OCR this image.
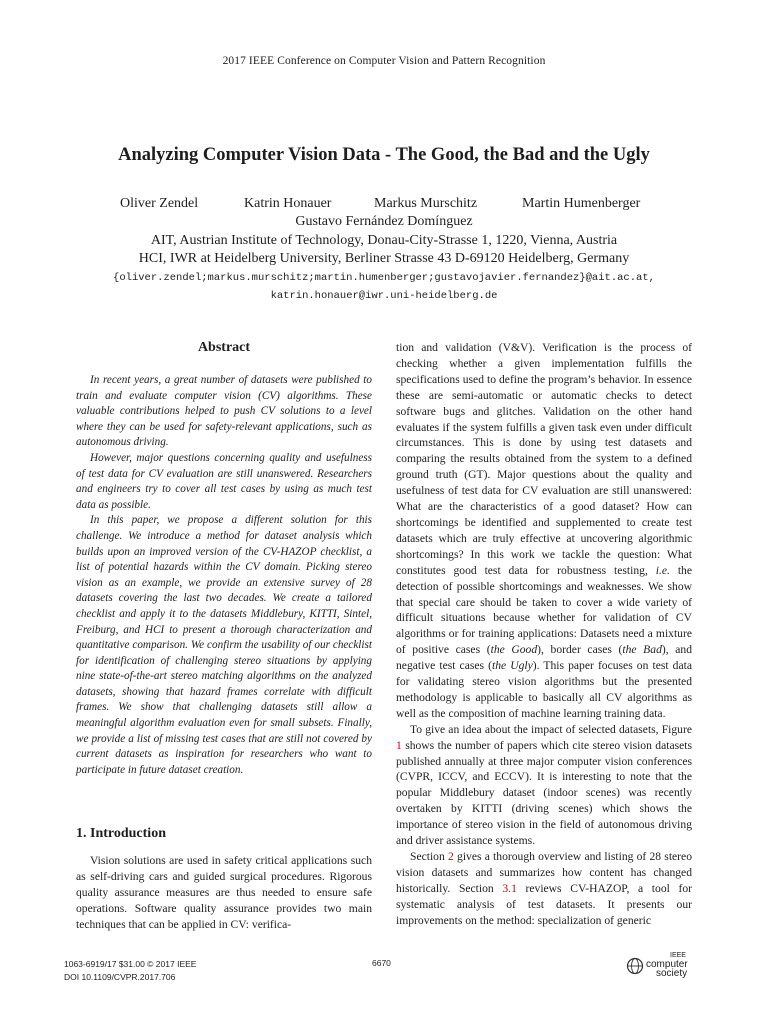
2017 IEEE Conference on Computer Vision and Pattern Recognition
Analyzing Computer Vision Data - The Good, the Bad and the Ugly
Oliver Zendel	Katrin Honauer	Markus Murschitz	Martin Humenberger
Gustavo Fernández Domínguez
AIT, Austrian Institute of Technology, Donau-City-Strasse 1, 1220, Vienna, Austria
HCI, IWR at Heidelberg University, Berliner Strasse 43 D-69120 Heidelberg, Germany
{oliver.zendel;markus.murschitz;martin.humenberger;gustavojavier.fernandez}@ait.ac.at,
katrin.honauer@iwr.uni-heidelberg.de
Abstract

In recent years, a great number of datasets were published to train and evaluate computer vision (CV) algorithms. These valuable contributions helped to push CV solutions to a level where they can be used for safety-relevant applications, such as autonomous driving.

However, major questions concerning quality and usefulness of test data for CV evaluation are still unanswered. Researchers and engineers try to cover all test cases by using as much test data as possible.

In this paper, we propose a different solution for this challenge. We introduce a method for dataset analysis which builds upon an improved version of the CV-HAZOP checklist, a list of potential hazards within the CV domain. Picking stereo vision as an example, we provide an extensive survey of 28 datasets covering the last two decades. We create a tailored checklist and apply it to the datasets Middlebury, KITTI, Sintel, Freiburg, and HCI to present a thorough characterization and quantitative comparison. We confirm the usability of our checklist for identification of challenging stereo situations by applying nine state-of-the-art stereo matching algorithms on the analyzed datasets, showing that hazard frames correlate with difficult frames. We show that challenging datasets still allow a meaningful algorithm evaluation even for small subsets. Finally, we provide a list of missing test cases that are still not covered by current datasets as inspiration for researchers who want to participate in future dataset creation.

1. Introduction

Vision solutions are used in safety critical applications such as self-driving cars and guided surgical procedures. Rigorous quality assurance measures are thus needed to ensure safe operations. Software quality assurance provides two main techniques that can be applied in CV: verifica-

tion and validation (V&V). Verification is the process of checking whether a given implementation fulfills the specifications used to define the program’s behavior. In essence these are semi-automatic or automatic checks to detect software bugs and glitches. Validation on the other hand evaluates if the system fulfills a given task even under difficult circumstances. This is done by using test datasets and comparing the results obtained from the system to a defined ground truth (GT). Major questions about the quality and usefulness of test data for CV evaluation are still unanswered: What are the characteristics of a good dataset? How can shortcomings be identified and supplemented to create test datasets which are truly effective at uncovering algorithmic shortcomings? In this work we tackle the question: What constitutes good test data for robustness testing, i.e. the detection of possible shortcomings and weaknesses. We show that special care should be taken to cover a wide variety of difficult situations because whether for validation of CV algorithms or for training applications: Datasets need a mixture of positive cases (the Good), border cases (the Bad), and negative test cases (the Ugly). This paper focuses on test data for validating stereo vision algorithms but the presented methodology is applicable to basically all CV algorithms as well as the composition of machine learning training data.

To give an idea about the impact of selected datasets, Figure 1 shows the number of papers which cite stereo vision datasets published annually at three major computer vision conferences (CVPR, ICCV, and ECCV). It is interesting to note that the popular Middlebury dataset (indoor scenes) was recently overtaken by KITTI (driving scenes) which shows the importance of stereo vision in the field of autonomous driving and driver assistance systems.

Section 2 gives a thorough overview and listing of 28 stereo vision datasets and summarizes how content has changed historically. Section 3.1 reviews CV-HAZOP, a tool for systematic analysis of test datasets. It presents our improvements on the method: specialization of generic

1063-6919/17 $31.00 © 2017 IEEE
DOI 10.1109/CVPR.2017.706
6670
IEEE
computer
society
